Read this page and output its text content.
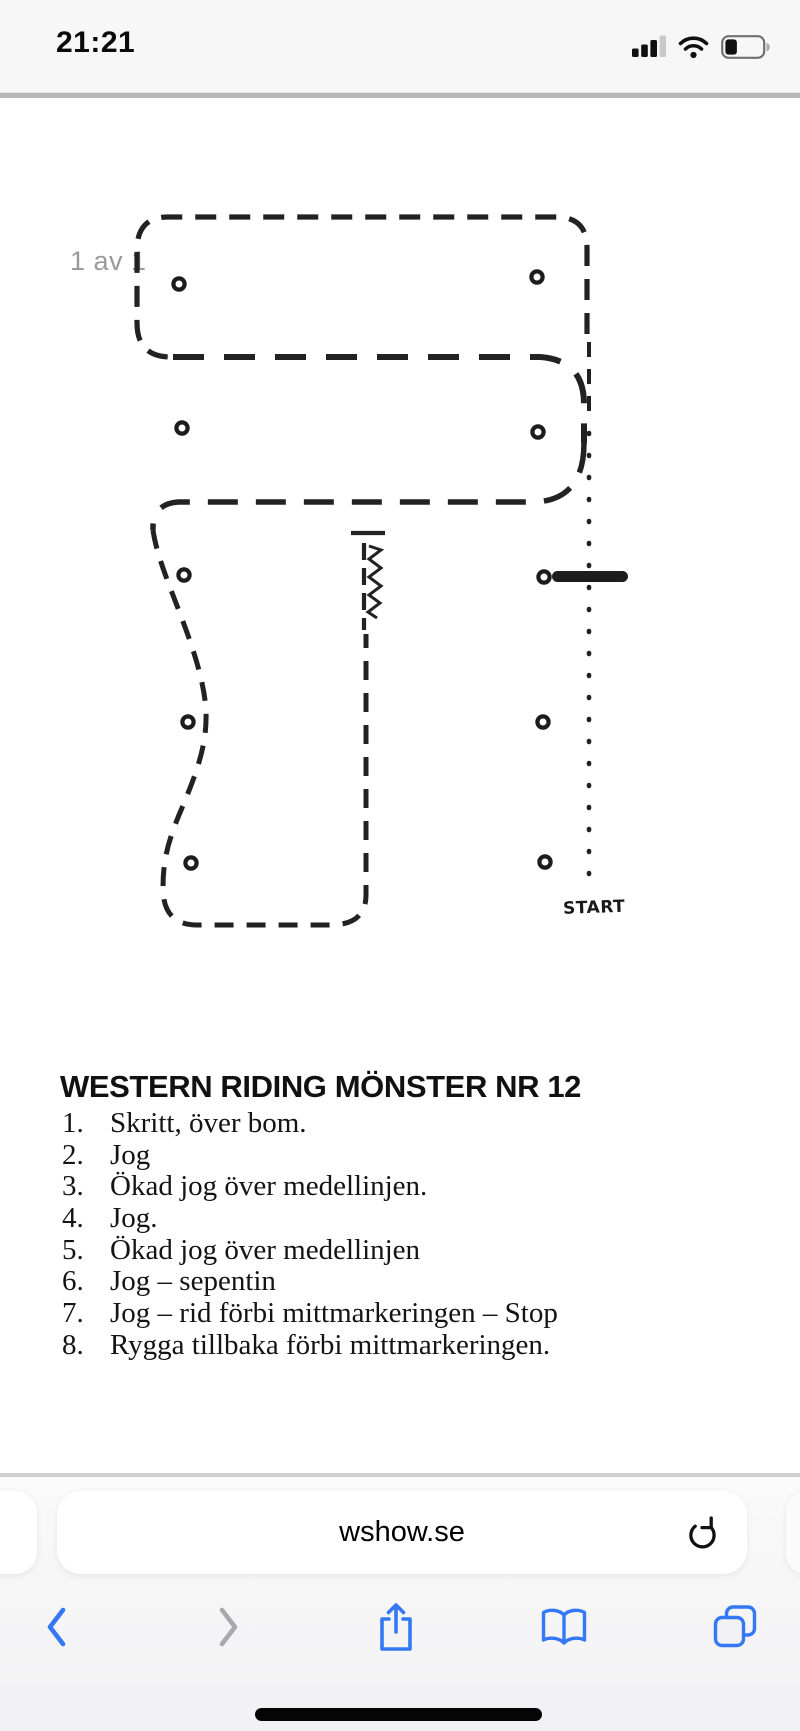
21:21
1 av 1
START
WESTERN RIDING MÖNSTER NR 12
1. Skritt, över bom.
2. Jog
3. Ökad jog över medellinjen.
4. Jog.
5. Ökad jog över medellinjen
6. Jog – sepentin
7. Jog – rid förbi mittmarkeringen – Stop
8. Rygga tillbaka förbi mittmarkeringen.
wshow.se
